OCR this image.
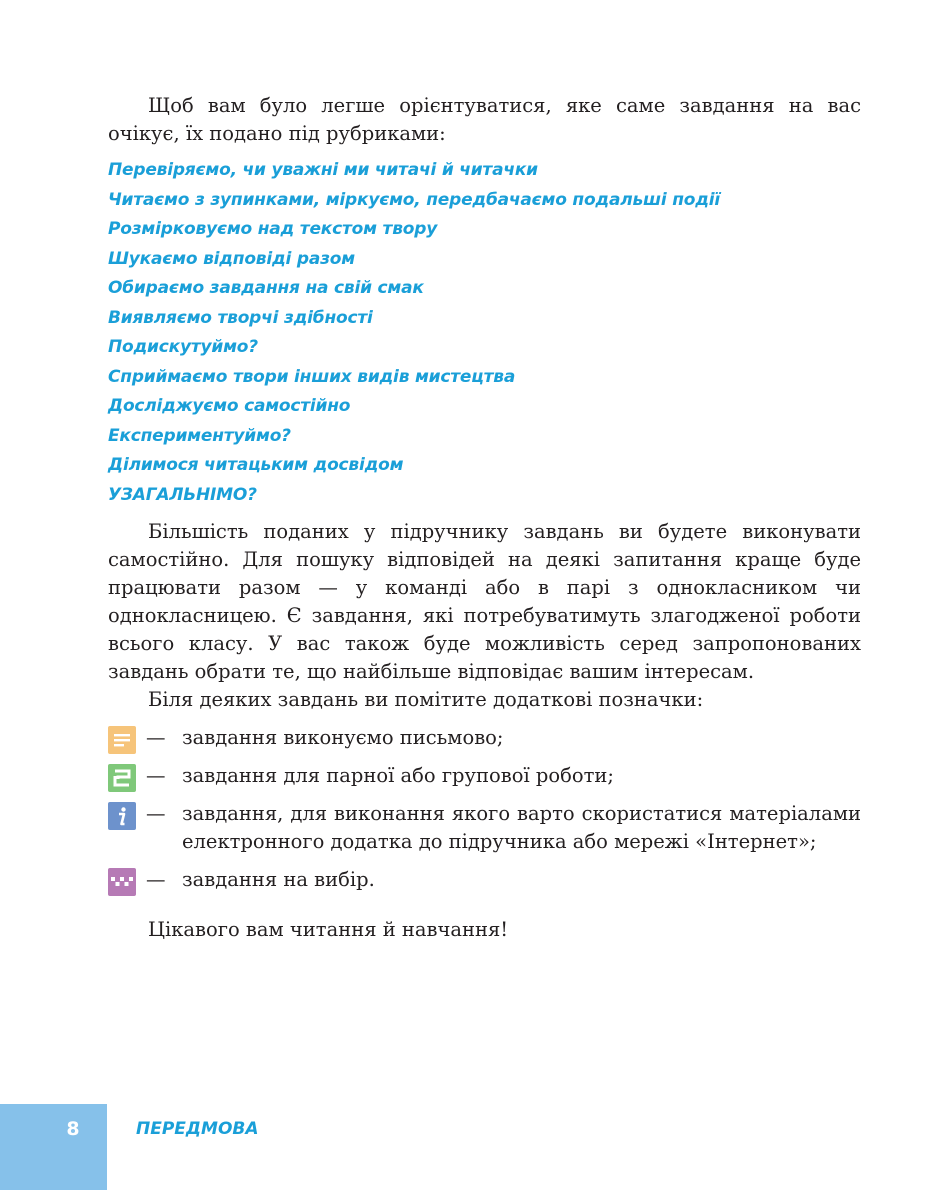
Щоб вам було легше орієнтуватися, яке саме завдання на вас очікує, їх подано під рубриками:

Перевіряємо, чи уважні ми читачі й читачки
Читаємо з зупинками, міркуємо, передбачаємо подальші події
Розмірковуємо над текстом твору
Шукаємо відповіді разом
Обираємо завдання на свій смак
Виявляємо творчі здібності
Подискутуймо?
Сприймаємо твори інших видів мистецтва
Досліджуємо самостійно
Експериментуймо?
Ділимося читацьким досвідом
УЗАГАЛЬНІМО?

Більшість поданих у підручнику завдань ви будете виконувати самостійно. Для пошуку відповідей на деякі запитання краще буде працювати разом — у команді або в парі з однокласником чи однокласницею. Є завдання, які потребуватимуть злагодженої роботи всього класу. У вас також буде можливість серед запропонованих завдань обрати те, що найбільше відповідає вашим інтересам.

Біля деяких завдань ви помітите додаткові позначки:

— завдання виконуємо письмово;
— завдання для парної або групової роботи;
— завдання, для виконання якого варто скористатися матеріалами електронного додатка до підручника або мережі «Інтернет»;
— завдання на вибір.

Цікавого вам читання й навчання!

8	ПЕРЕДМОВА
